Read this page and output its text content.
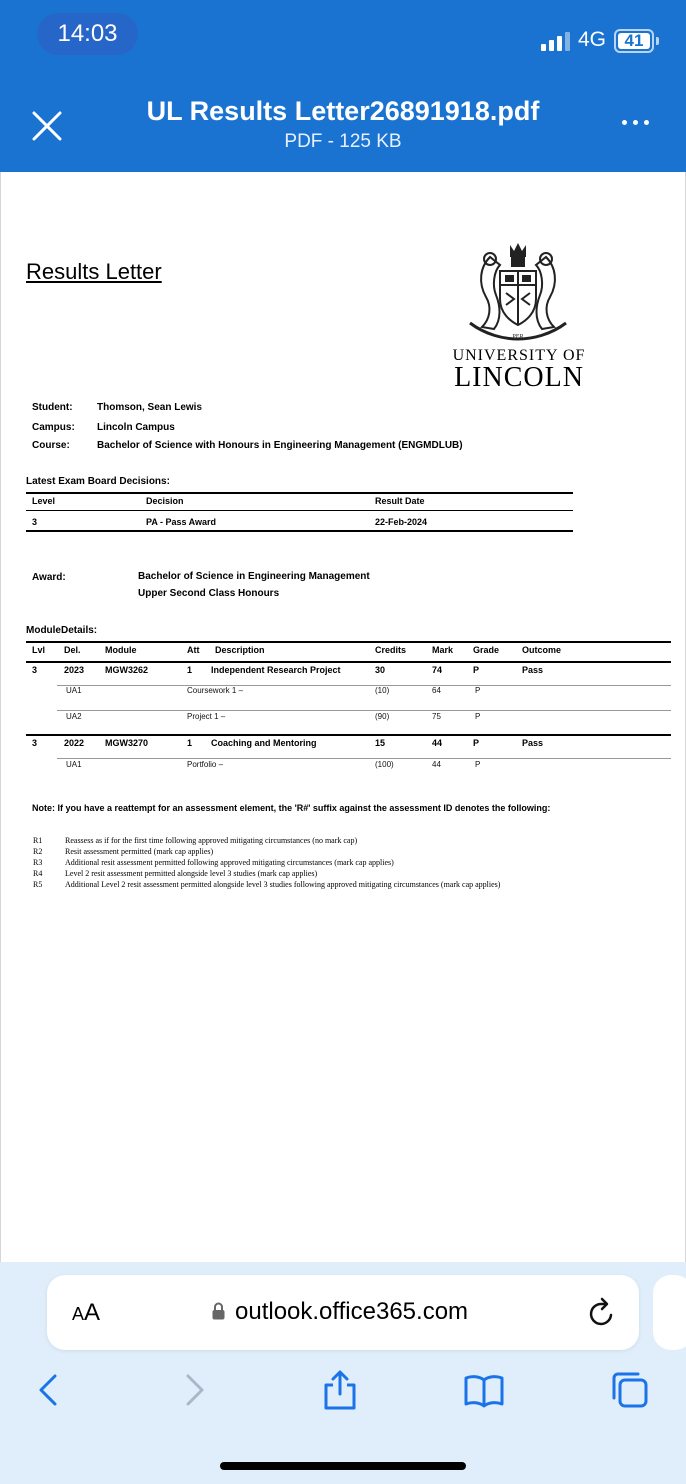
14:03	4G	41
UL Results Letter26891918.pdf
PDF - 125 KB
Results Letter
PER
UNIVERSITY OF
LINCOLN
Student: Thomson, Sean Lewis
Campus: Lincoln Campus
Course:	Bachelor of Science with Honours in Engineering Management (ENGMDLUB)
Latest Exam Board Decisions:
Level	Decision	Result Date
3	PA - Pass Award	22-Feb-2024
Award:	Bachelor of Science in Engineering Management
Upper Second Class Honours
ModuleDetails:
Lvl Del.	Module	Att Description	Credits	Mark Grade	Outcome
3	2023 MGW3262	1 Independent Research Project	30	74	P	Pass
UA1	Coursework 1 –	(10)	64	P
UA2	Project 1 –	(90)	75	P
3	2022 MGW3270	1 Coaching and Mentoring	15	44	P	Pass
UA1	Portfolio –	(100)	44	P
Note: If you have a reattempt for an assessment element, the 'R#' suffix against the assessment ID denotes the following:
R1	Reassess as if for the first time following approved mitigating circumstances (no mark cap)
R2	Resit assessment permitted (mark cap applies)
R3	Additional resit assessment permitted following approved mitigating circumstances (mark cap applies)
R4	Level 2 resit assessment permitted alongside level 3 studies (mark cap applies)
R5	Additional Level 2 resit assessment permitted alongside level 3 studies following approved mitigating circumstances (mark cap applies)
AA	outlook.office365.com
